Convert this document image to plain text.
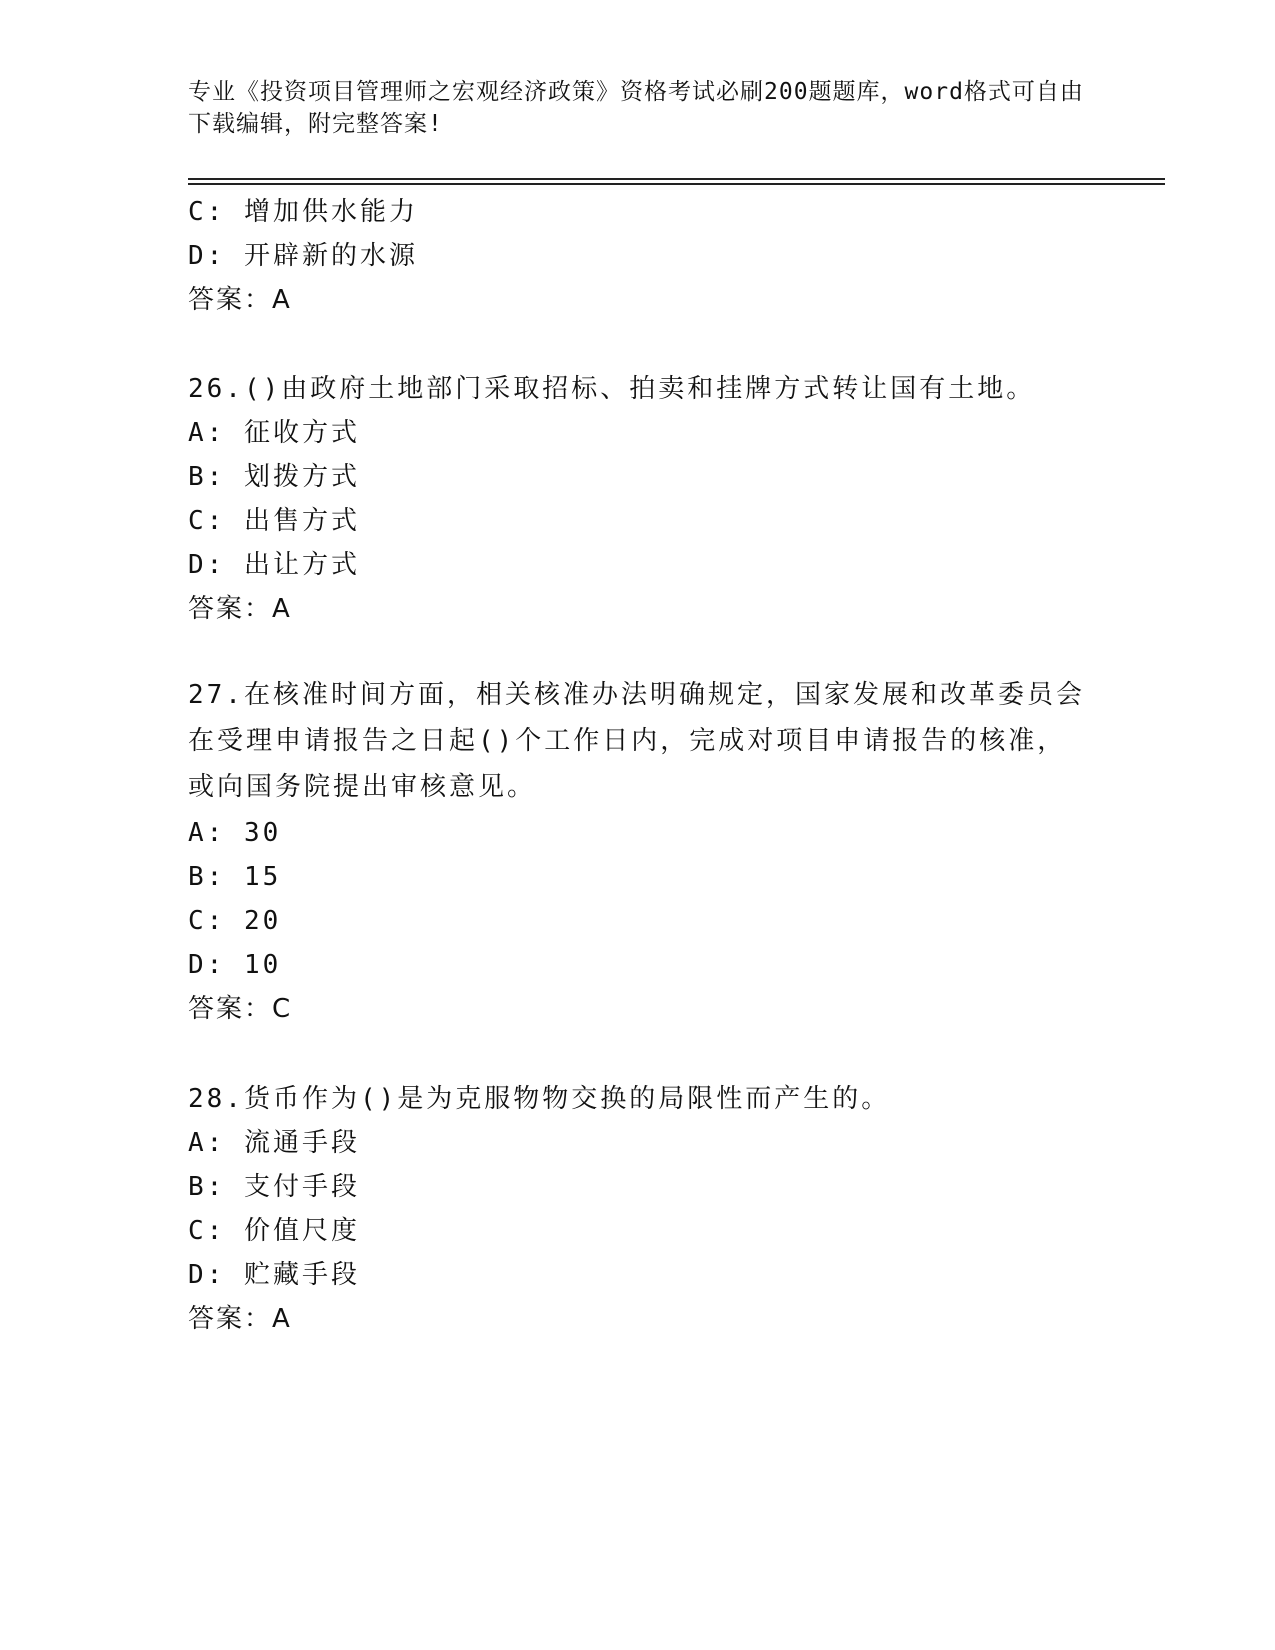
专业《投资项目管理师之宏观经济政策》资格考试必刷200题题库，word格式可自由下载编辑，附完整答案!
C: 增加供水能力
D: 开辟新的水源
答案：A
26.()由政府土地部门采取招标、拍卖和挂牌方式转让国有土地。
A: 征收方式
B: 划拨方式
C: 出售方式
D: 出让方式
答案：A
27.在核准时间方面，相关核准办法明确规定，国家发展和改革委员会在受理申请报告之日起()个工作日内，完成对项目申请报告的核准，或向国务院提出审核意见。
A: 30
B: 15
C: 20
D: 10
答案：C
28.货币作为()是为克服物物交换的局限性而产生的。
A: 流通手段
B: 支付手段
C: 价值尺度
D: 贮藏手段
答案：A
